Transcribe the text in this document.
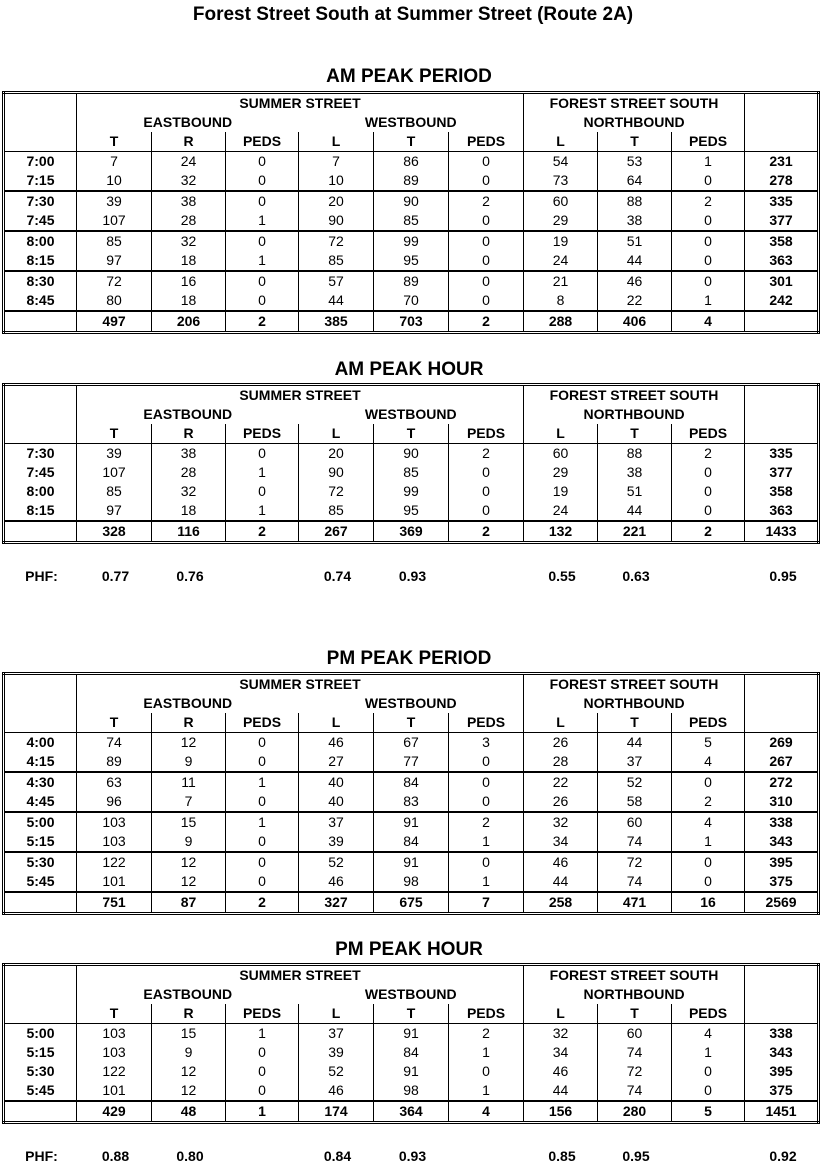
Forest Street South at Summer Street (Route 2A)
AM PEAK PERIOD
	SUMMER STREET						FOREST STREET SOUTH			
	EASTBOUND			WESTBOUND			NORTHBOUND			
	T	R	PEDS	L	T	PEDS	L	T	PEDS	
7:00	7	24	0	7	86	0	54	53	1	231
7:15	10	32	0	10	89	0	73	64	0	278
7:30	39	38	0	20	90	2	60	88	2	335
7:45	107	28	1	90	85	0	29	38	0	377
8:00	85	32	0	72	99	0	19	51	0	358
8:15	97	18	1	85	95	0	24	44	0	363
8:30	72	16	0	57	89	0	21	46	0	301
8:45	80	18	0	44	70	0	8	22	1	242
	497	206	2	385	703	2	288	406	4	
AM PEAK HOUR
	SUMMER STREET						FOREST STREET SOUTH			
	EASTBOUND			WESTBOUND			NORTHBOUND			
	T	R	PEDS	L	T	PEDS	L	T	PEDS	
7:30	39	38	0	20	90	2	60	88	2	335
7:45	107	28	1	90	85	0	29	38	0	377
8:00	85	32	0	72	99	0	19	51	0	358
8:15	97	18	1	85	95	0	24	44	0	363
	328	116	2	267	369	2	132	221	2	1433
PHF:	0.77	0.76		0.74	0.93		0.55	0.63		0.95
PM PEAK PERIOD
	SUMMER STREET						FOREST STREET SOUTH			
	EASTBOUND			WESTBOUND			NORTHBOUND			
	T	R	PEDS	L	T	PEDS	L	T	PEDS	
4:00	74	12	0	46	67	3	26	44	5	269
4:15	89	9	0	27	77	0	28	37	4	267
4:30	63	11	1	40	84	0	22	52	0	272
4:45	96	7	0	40	83	0	26	58	2	310
5:00	103	15	1	37	91	2	32	60	4	338
5:15	103	9	0	39	84	1	34	74	1	343
5:30	122	12	0	52	91	0	46	72	0	395
5:45	101	12	0	46	98	1	44	74	0	375
	751	87	2	327	675	7	258	471	16	2569
PM PEAK HOUR
	SUMMER STREET						FOREST STREET SOUTH			
	EASTBOUND			WESTBOUND			NORTHBOUND			
	T	R	PEDS	L	T	PEDS	L	T	PEDS	
5:00	103	15	1	37	91	2	32	60	4	338
5:15	103	9	0	39	84	1	34	74	1	343
5:30	122	12	0	52	91	0	46	72	0	395
5:45	101	12	0	46	98	1	44	74	0	375
	429	48	1	174	364	4	156	280	5	1451
PHF:	0.88	0.80		0.84	0.93		0.85	0.95		0.92
